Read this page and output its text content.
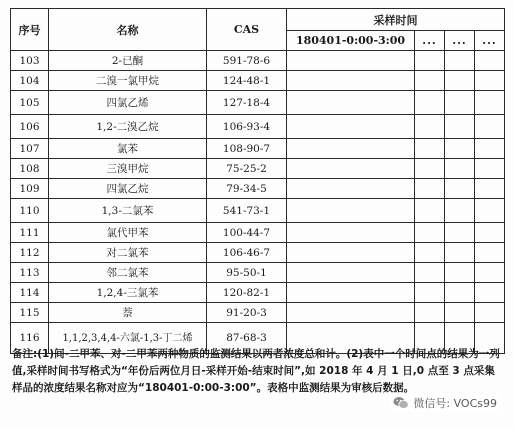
序号	名称	CAS	采样时间			
			180401-0:00-3:00	...	...	...
103	2-已酮	591-78-6				
104	二溴一氯甲烷	124-48-1				
105	四氯乙烯	127-18-4				
106	1,2-二溴乙烷	106-93-4				
107	氯苯	108-90-7				
108	三溴甲烷	75-25-2				
109	四氯乙烷	79-34-5				
110	1,3-二氯苯	541-73-1				
111	氯代甲苯	100-44-7				
112	对二氯苯	106-46-7				
113	邻二氯苯	95-50-1				
114	1,2,4-三氯苯	120-82-1				
115	萘	91-20-3				
116	1,1,2,3,4,4-六氯-1,3-丁二烯	87-68-3				
备注:(1)间-二甲苯、对-二甲苯两种物质的监测结果以两者浓度总和计。(2)表中一个时间点的结果为一列值,采样时间书写格式为“年份后两位月日-采样开始-结束时间”,如 2018 年 4 月 1 日,0 点至 3 点采集样品的浓度结果名称对应为“180401-0:00-3:00”。表格中监测结果为审核后数据。
微信号: VOCs99
